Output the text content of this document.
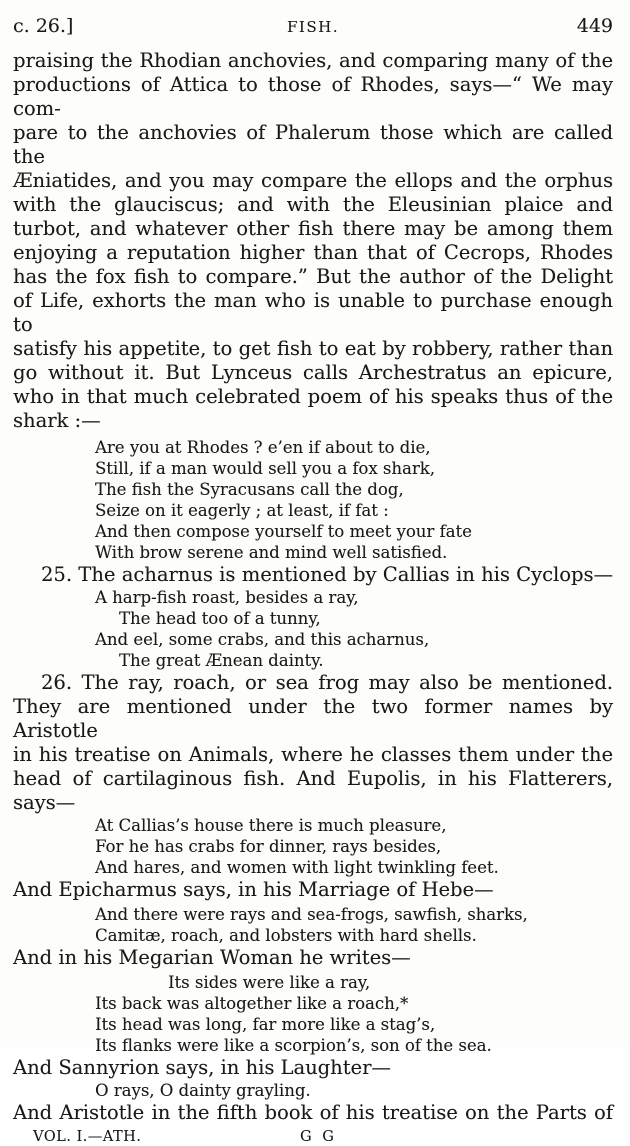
c. 26.]	FISH.	449
praising the Rhodian anchovies, and comparing many of the
productions of Attica to those of Rhodes, says—“ We may com-
pare to the anchovies of Phalerum those which are called the
Æniatides, and you may compare the ellops and the orphus
with the glauciscus; and with the Eleusinian plaice and
turbot, and whatever other fish there may be among them
enjoying a reputation higher than that of Cecrops, Rhodes
has the fox fish to compare.” But the author of the Delight
of Life, exhorts the man who is unable to purchase enough to
satisfy his appetite, to get fish to eat by robbery, rather than
go without it. But Lynceus calls Archestratus an epicure,
who in that much celebrated poem of his speaks thus of the
shark :—
Are you at Rhodes ? e’en if about to die,
Still, if a man would sell you a fox shark,
The fish the Syracusans call the dog,
Seize on it eagerly ; at least, if fat :
And then compose yourself to meet your fate
With brow serene and mind well satisfied.
25. The acharnus is mentioned by Callias in his Cyclops—
A harp-fish roast, besides a ray,
The head too of a tunny,
And eel, some crabs, and this acharnus,
The great Ænean dainty.
26. The ray, roach, or sea frog may also be mentioned.
They are mentioned under the two former names by Aristotle
in his treatise on Animals, where he classes them under the
head of cartilaginous fish. And Eupolis, in his Flatterers,
says—
At Callias’s house there is much pleasure,
For he has crabs for dinner, rays besides,
And hares, and women with light twinkling feet.
And Epicharmus says, in his Marriage of Hebe—
And there were rays and sea-frogs, sawfish, sharks,
Camitæ, roach, and lobsters with hard shells.
And in his Megarian Woman he writes—
Its sides were like a ray,
Its back was altogether like a roach,*
Its head was long, far more like a stag’s,
Its flanks were like a scorpion’s, son of the sea.
And Sannyrion says, in his Laughter—
O rays, O dainty grayling.
And Aristotle in the fifth book of his treatise on the Parts of
VOL. I.—ATH.	G G
